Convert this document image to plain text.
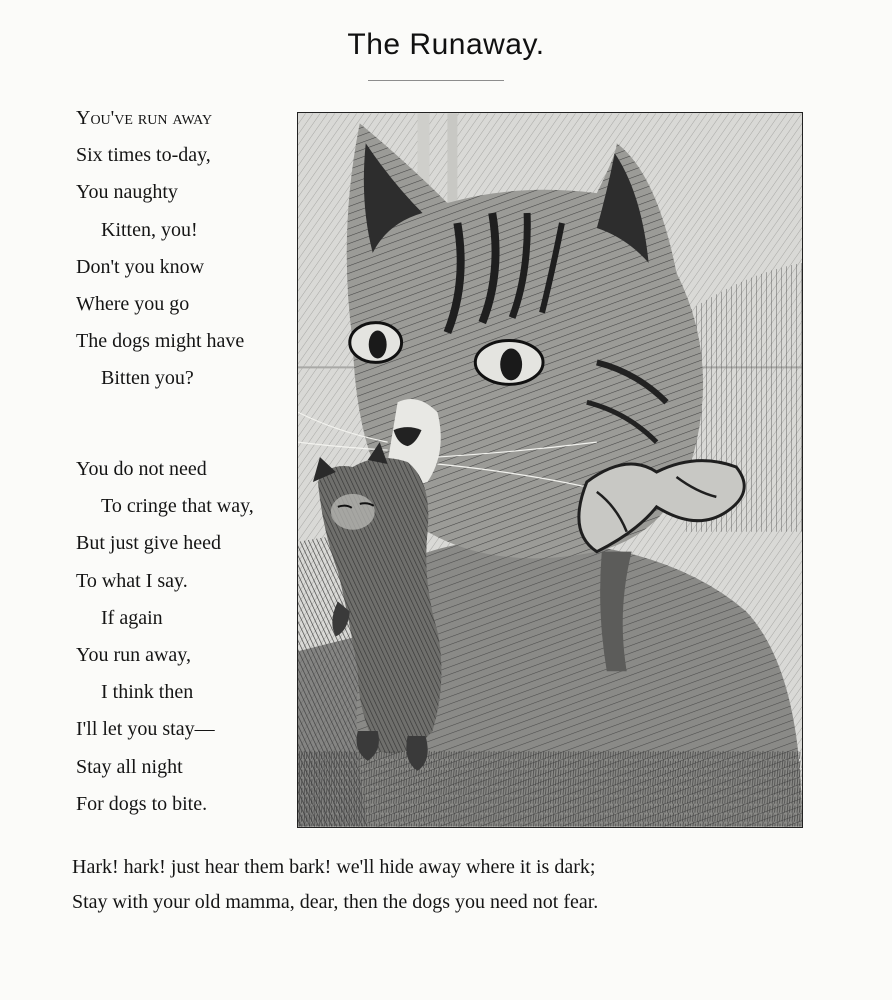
The Runaway.
You've run away
Six times to-day,
You naughty
Kitten, you!
Don't you know
Where you go
The dogs might have
Bitten you?
You do not need
To cringe that way,
But just give heed
To what I say.
If again
You run away,
I think then
I'll let you stay—
Stay all night
For dogs to bite.
Hark! hark! just hear them bark! we'll hide away where it is dark;
Stay with your old mamma, dear, then the dogs you need not fear.
